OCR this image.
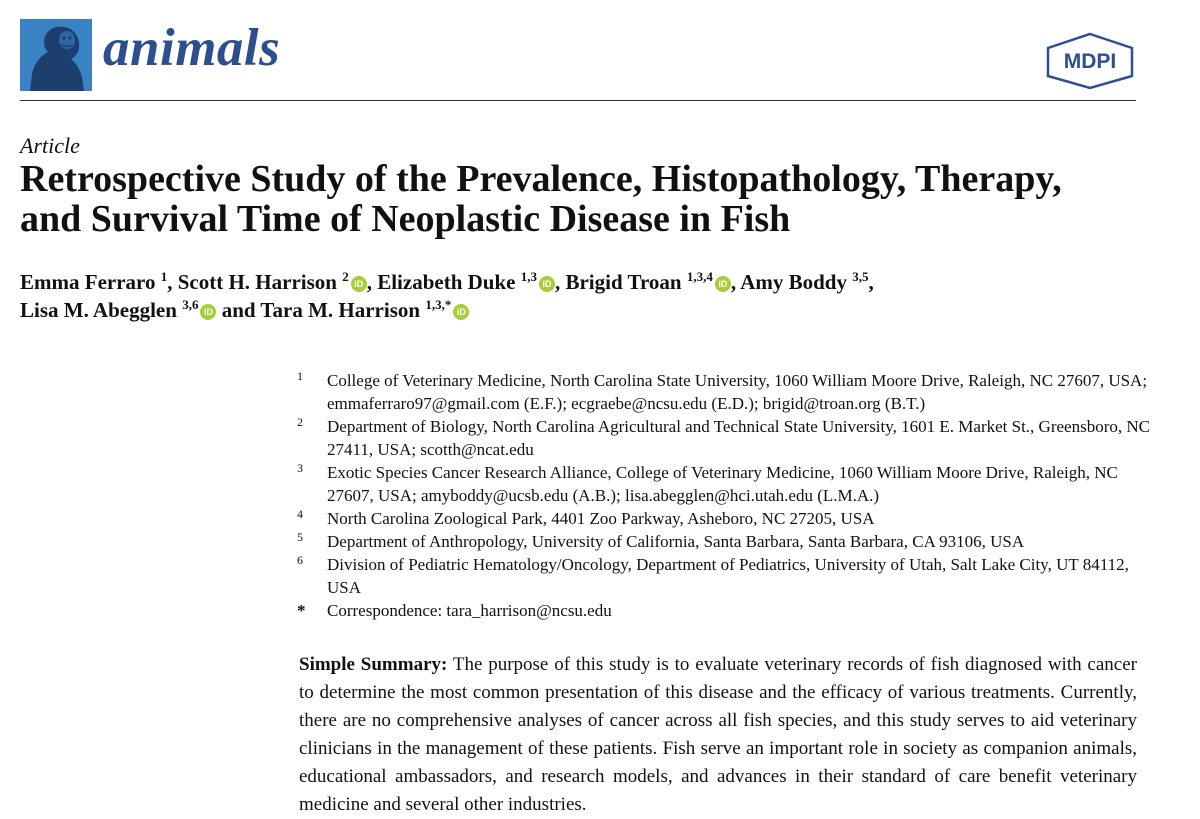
animals	MDPI
Article
Retrospective Study of the Prevalence, Histopathology, Therapy,
and Survival Time of Neoplastic Disease in Fish
Emma Ferraro $^1$, Scott H. Harrison $^2$ iD , Elizabeth Duke $^{1,3}$ iD , Brigid Troan $^{1,3,4}$ iD , Amy Boddy $^{3,5}$,
Lisa M. Abegglen $^{3,6}$ iD and Tara M. Harrison $^{1,3,*}$ iD
1	College of Veterinary Medicine, North Carolina State University, 1060 William Moore Drive, Raleigh, NC 27607, USA; emmaferraro97@gmail.com (E.F.); ecgraebe@ncsu.edu (E.D.); brigid@troan.org (B.T.)
2	Department of Biology, North Carolina Agricultural and Technical State University, 1601 E. Market St., Greensboro, NC 27411, USA; scotth@ncat.edu
3	Exotic Species Cancer Research Alliance, College of Veterinary Medicine, 1060 William Moore Drive, Raleigh, NC 27607, USA; amyboddy@ucsb.edu (A.B.); lisa.abegglen@hci.utah.edu (L.M.A.)
4	North Carolina Zoological Park, 4401 Zoo Parkway, Asheboro, NC 27205, USA
5	Department of Anthropology, University of California, Santa Barbara, Santa Barbara, CA 93106, USA
6	Division of Pediatric Hematology/Oncology, Department of Pediatrics, University of Utah, Salt Lake City, UT 84112, USA
*	Correspondence: tara_harrison@ncsu.edu

Simple Summary: The purpose of this study is to evaluate veterinary records of fish diagnosed with cancer to determine the most common presentation of this disease and the efficacy of various treatments. Currently, there are no comprehensive analyses of cancer across all fish species, and this study serves to aid veterinary clinicians in the management of these patients. Fish serve an important role in society as companion animals, educational ambassadors, and research models, and advances in their standard of care benefit veterinary medicine and several other industries.
